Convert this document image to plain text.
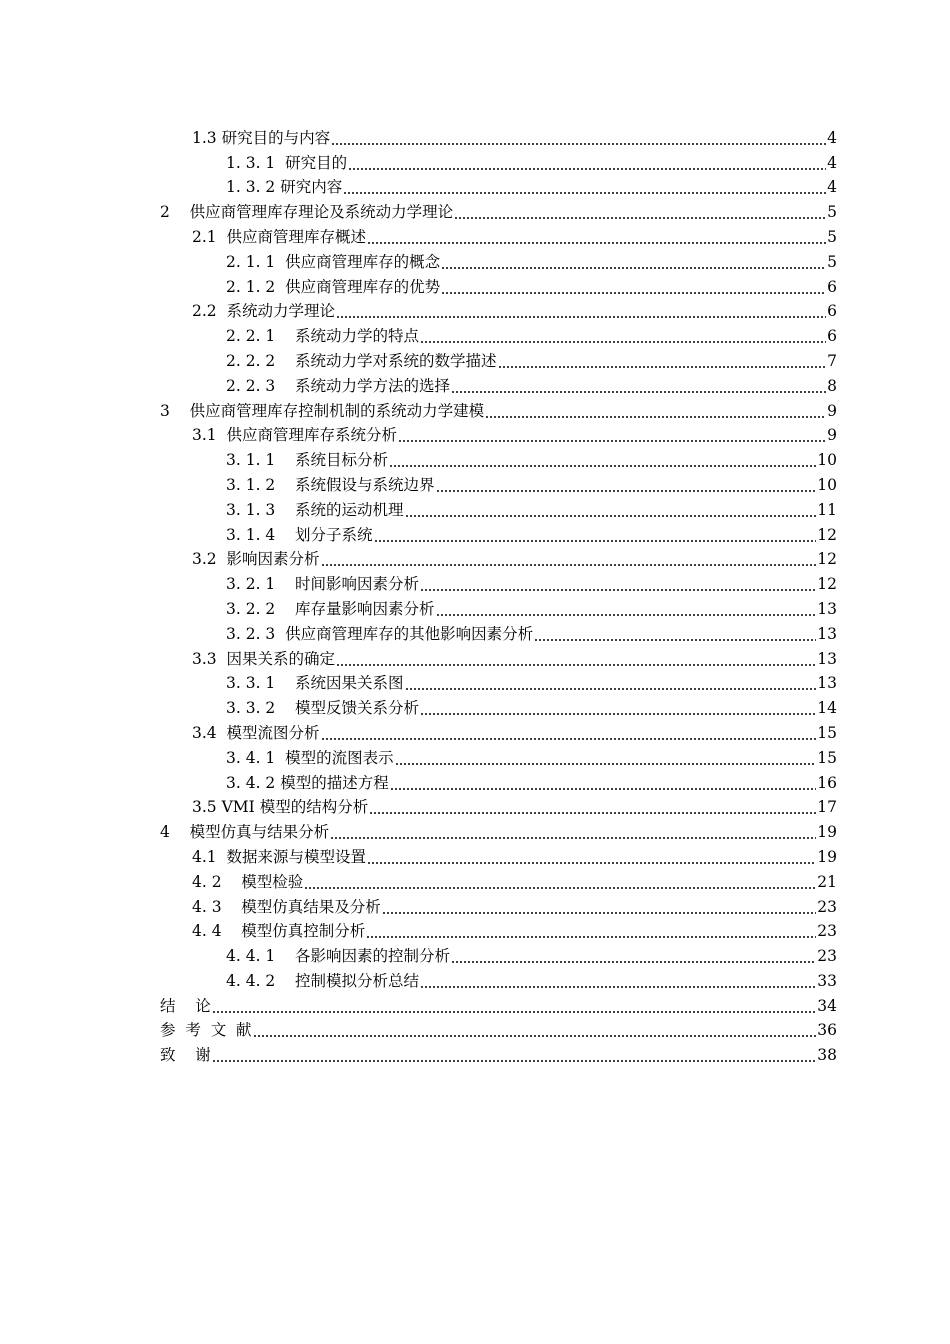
1.3 研究目的与内容	4
1. 3. 1  研究目的	4
1. 3. 2 研究内容	4
2    供应商管理库存理论及系统动力学理论	5
2.1  供应商管理库存概述	5
2. 1. 1  供应商管理库存的概念	5
2. 1. 2  供应商管理库存的优势	6
2.2  系统动力学理论	6
2. 2. 1    系统动力学的特点	6
2. 2. 2    系统动力学对系统的数学描述	7
2. 2. 3    系统动力学方法的选择	8
3    供应商管理库存控制机制的系统动力学建模	9
3.1  供应商管理库存系统分析	9
3. 1. 1    系统目标分析	10
3. 1. 2    系统假设与系统边界	10
3. 1. 3    系统的运动机理	11
3. 1. 4    划分子系统	12
3.2  影响因素分析	12
3. 2. 1    时间影响因素分析	12
3. 2. 2    库存量影响因素分析	13
3. 2. 3  供应商管理库存的其他影响因素分析	13
3.3  因果关系的确定	13
3. 3. 1    系统因果关系图	13
3. 3. 2    模型反馈关系分析	14
3.4  模型流图分析	15
3. 4. 1  模型的流图表示	15
3. 4. 2 模型的描述方程	16
3.5 VMI 模型的结构分析	17
4    模型仿真与结果分析	19
4.1  数据来源与模型设置	19
4. 2    模型检验	21
4. 3    模型仿真结果及分析	23
4. 4    模型仿真控制分析	23
4. 4. 1    各影响因素的控制分析	23
4. 4. 2    控制模拟分析总结	33
结    论	34
参  考  文  献	36
致    谢	38
